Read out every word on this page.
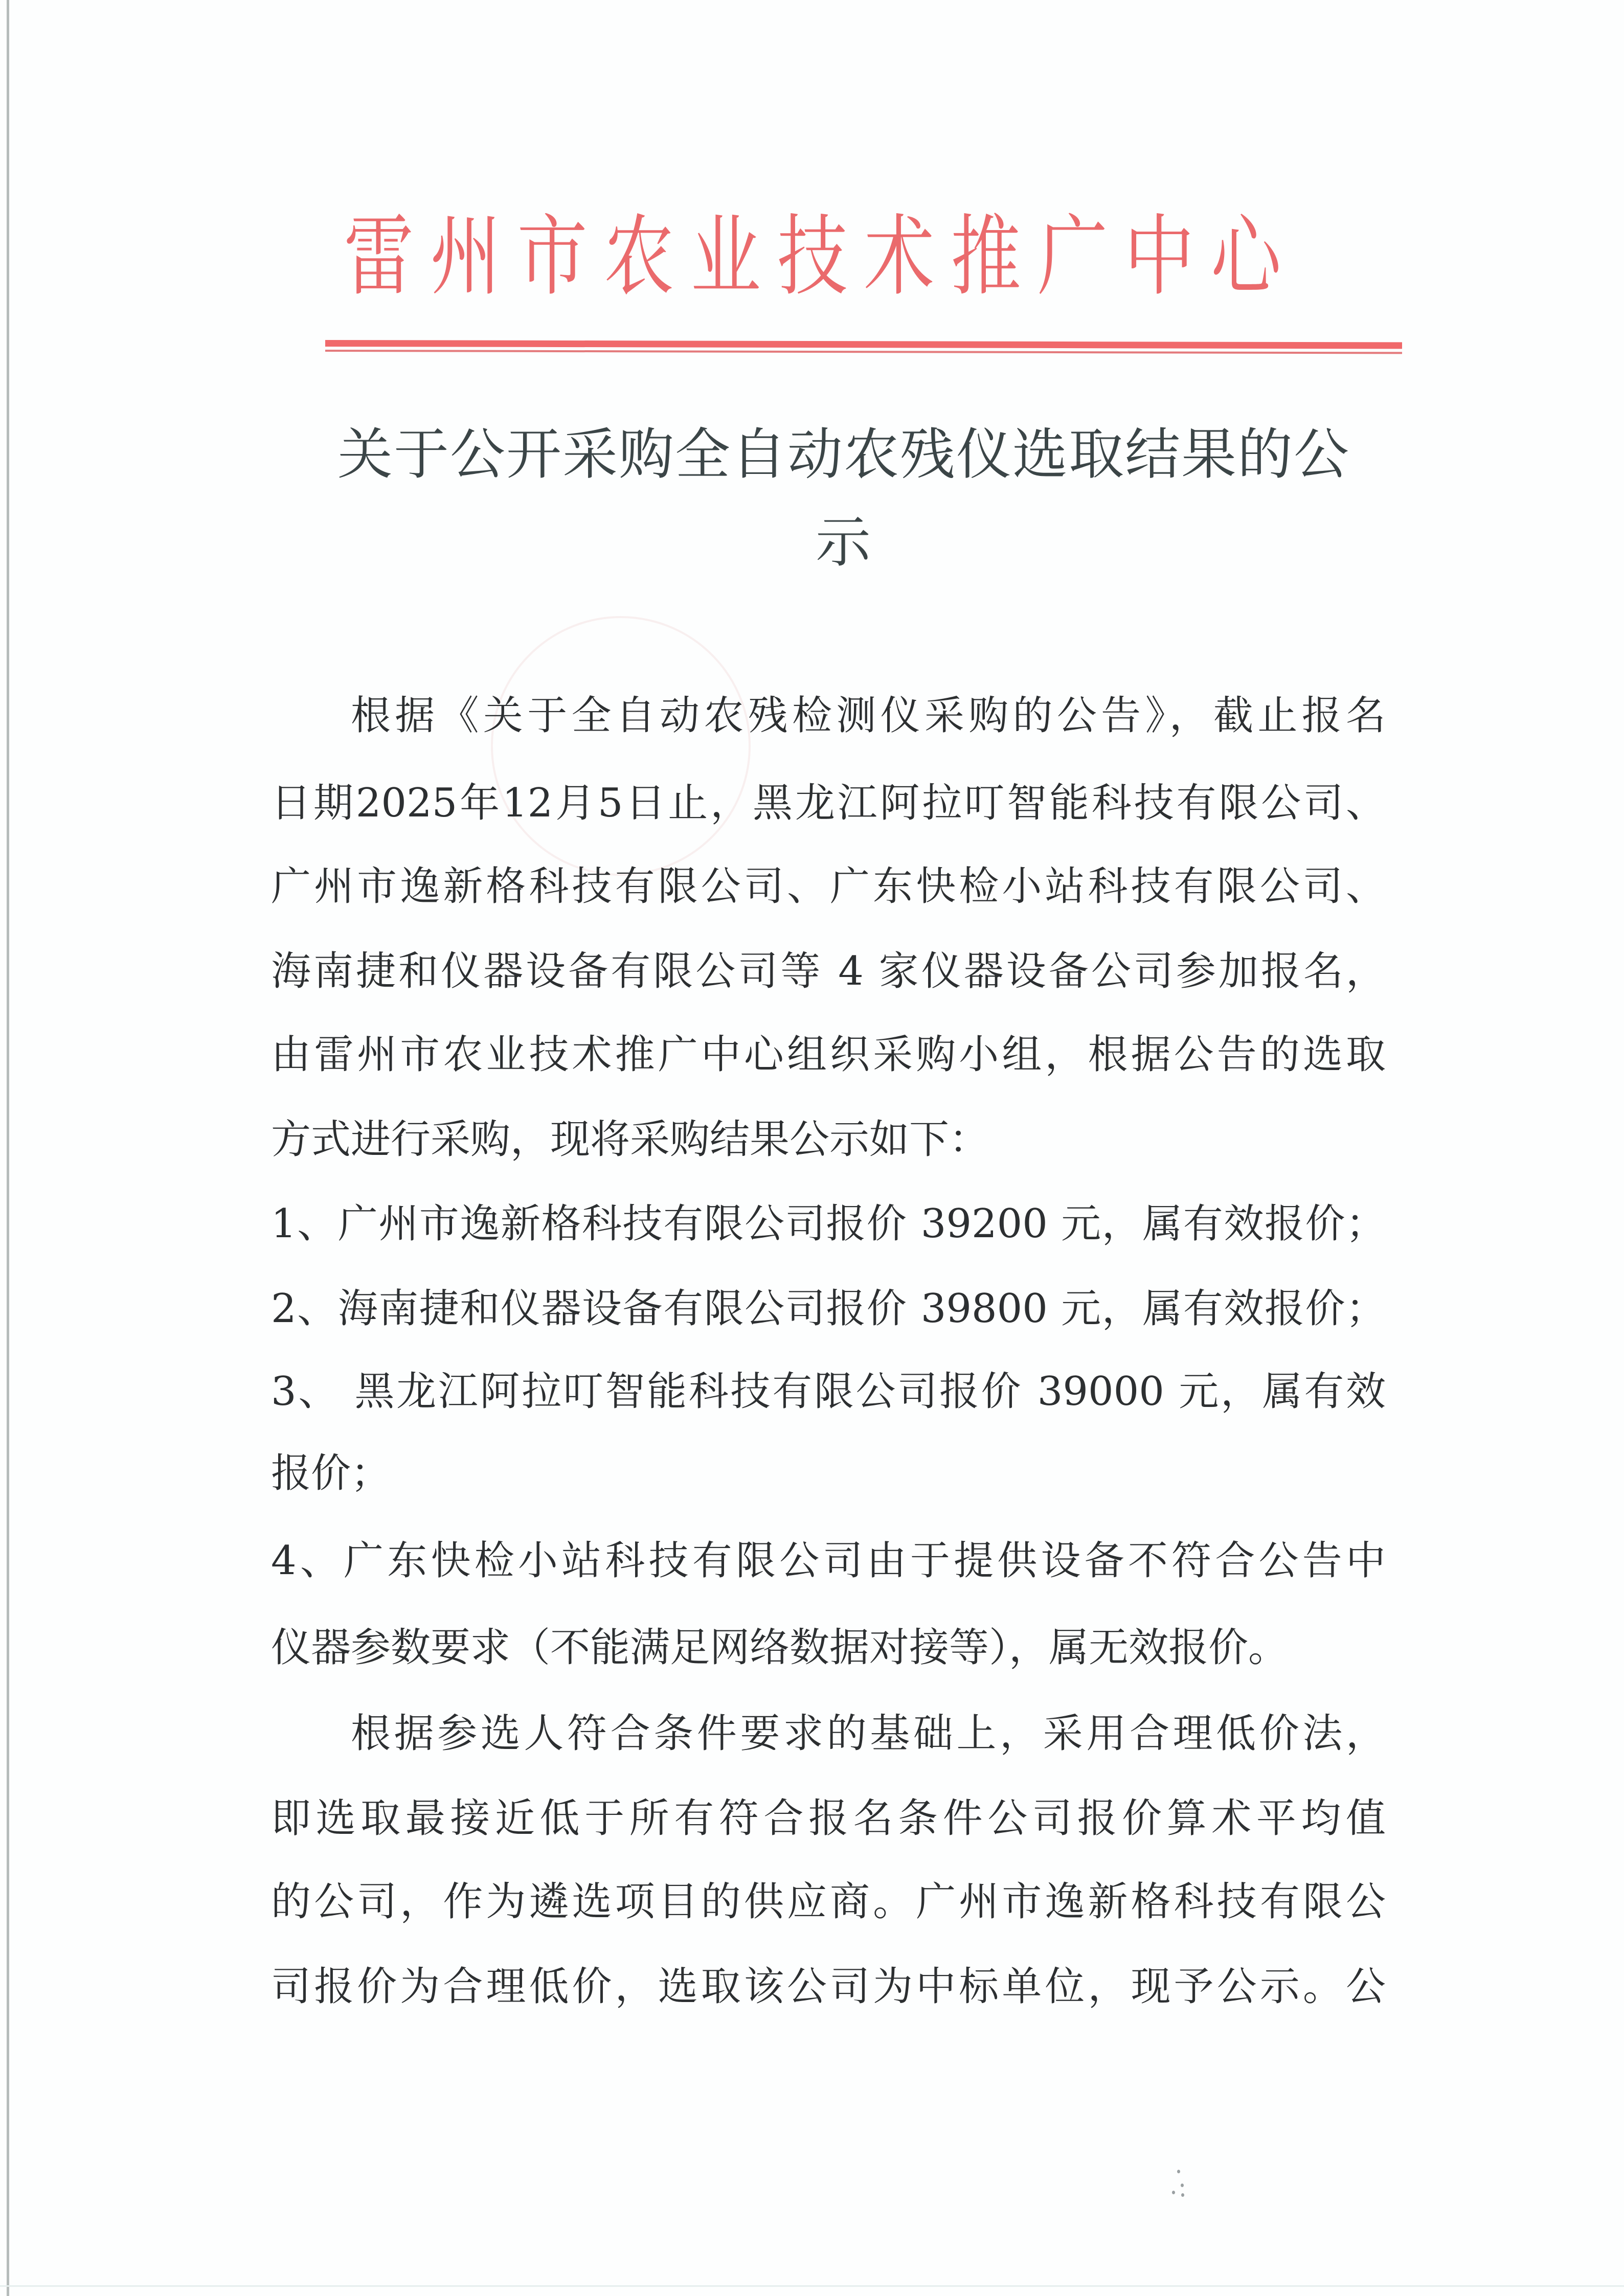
雷州市农业技术推广中心
关于公开采购全自动农残仪选取结果的公
示
根据《关于全自动农残检测仪采购的公告》，截止报名
日期2025年12月5日止，黑龙江阿拉叮智能科技有限公司、
广州市逸新格科技有限公司、广东快检小站科技有限公司、
海南捷和仪器设备有限公司等 4 家仪器设备公司参加报名，
由雷州市农业技术推广中心组织采购小组，根据公告的选取
方式进行采购，现将采购结果公示如下：
1、广州市逸新格科技有限公司报价 39200 元，属有效报价；
2、海南捷和仪器设备有限公司报价 39800 元，属有效报价；
3、 黑龙江阿拉叮智能科技有限公司报价 39000 元，属有效
报价；
4、广东快检小站科技有限公司由于提供设备不符合公告中
仪器参数要求（不能满足网络数据对接等），属无效报价。
根据参选人符合条件要求的基础上，采用合理低价法，
即选取最接近低于所有符合报名条件公司报价算术平均值
的公司，作为遴选项目的供应商。广州市逸新格科技有限公
司报价为合理低价，选取该公司为中标单位，现予公示。公
